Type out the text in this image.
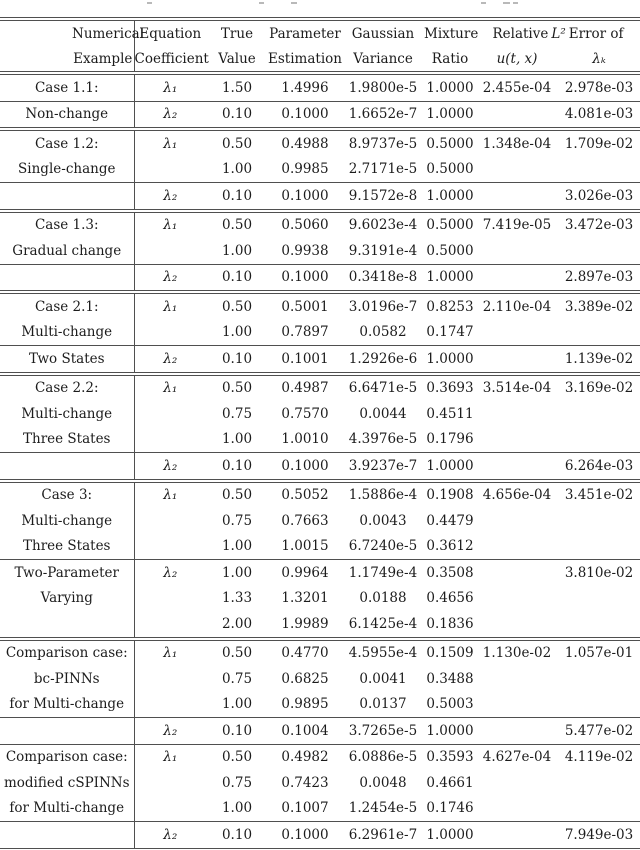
Numerical	Equation	True	Parameter	Gaussian	Mixture	Relative L² Error of	
Example	Coefficient	Value	Estimation	Variance	Ratio	u(t, x)	λₖ
Case 1.1:	λ₁	1.50	1.4996	1.9800e-5	1.0000	2.455e-04	2.978e-03
Non-change	λ₂	0.10	0.1000	1.6652e-7	1.0000		4.081e-03
Case 1.2:	λ₁	0.50	0.4988	8.9737e-5	0.5000	1.348e-04	1.709e-02
Single-change		1.00	0.9985	2.7171e-5	0.5000		
	λ₂	0.10	0.1000	9.1572e-8	1.0000		3.026e-03
Case 1.3:	λ₁	0.50	0.5060	9.6023e-4	0.5000	7.419e-05	3.472e-03
Gradual change		1.00	0.9938	9.3191e-4	0.5000		
	λ₂	0.10	0.1000	0.3418e-8	1.0000		2.897e-03
Case 2.1:	λ₁	0.50	0.5001	3.0196e-7	0.8253	2.110e-04	3.389e-02
Multi-change		1.00	0.7897	0.0582	0.1747		
Two States	λ₂	0.10	0.1001	1.2926e-6	1.0000		1.139e-02
Case 2.2:	λ₁	0.50	0.4987	6.6471e-5	0.3693	3.514e-04	3.169e-02
Multi-change		0.75	0.7570	0.0044	0.4511		
Three States		1.00	1.0010	4.3976e-5	0.1796		
	λ₂	0.10	0.1000	3.9237e-7	1.0000		6.264e-03
Case 3:	λ₁	0.50	0.5052	1.5886e-4	0.1908	4.656e-04	3.451e-02
Multi-change		0.75	0.7663	0.0043	0.4479		
Three States		1.00	1.0015	6.7240e-5	0.3612		
Two-Parameter	λ₂	1.00	0.9964	1.1749e-4	0.3508		3.810e-02
Varying		1.33	1.3201	0.0188	0.4656		
		2.00	1.9989	6.1425e-4	0.1836		
Comparison case:	λ₁	0.50	0.4770	4.5955e-4	0.1509	1.130e-02	1.057e-01
bc-PINNs		0.75	0.6825	0.0041	0.3488		
for Multi-change		1.00	0.9895	0.0137	0.5003		
	λ₂	0.10	0.1004	3.7265e-5	1.0000		5.477e-02
Comparison case:	λ₁	0.50	0.4982	6.0886e-5	0.3593	4.627e-04	4.119e-02
modified cSPINNs		0.75	0.7423	0.0048	0.4661		
for Multi-change		1.00	0.1007	1.2454e-5	0.1746		
	λ₂	0.10	0.1000	6.2961e-7	1.0000		7.949e-03
